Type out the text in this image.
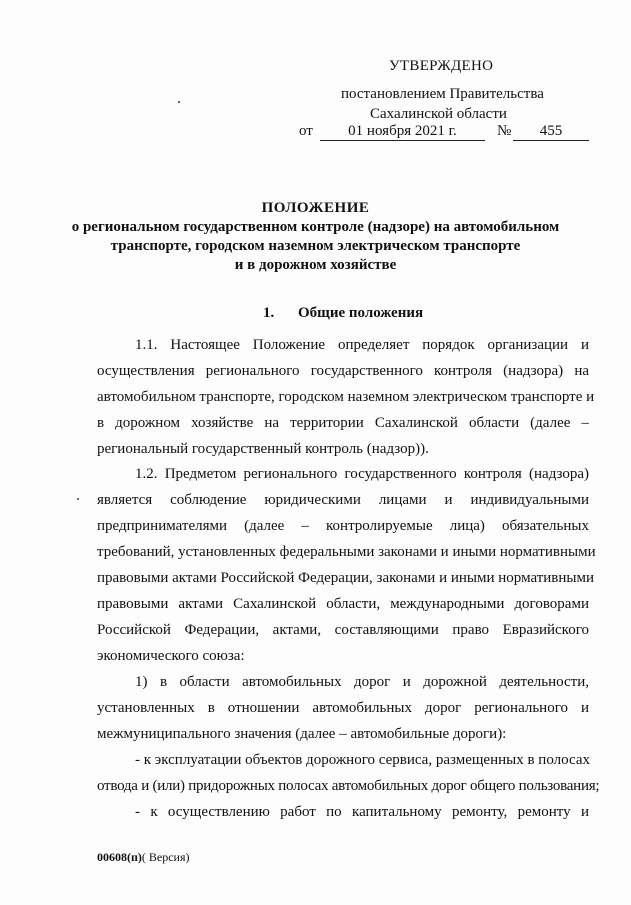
УТВЕРЖДЕНО
постановлением Правительства
Сахалинской области
от	01 ноября 2021 г.	№	455
ПОЛОЖЕНИЕ
о региональном государственном контроле (надзоре) на автомобильном
транспорте, городском наземном электрическом транспорте
и в дорожном хозяйстве
1. Общие положения
1.1. Настоящее Положение определяет порядок организации и
осуществления регионального государственного контроля (надзора) на
автомобильном транспорте, городском наземном электрическом транспорте и
в дорожном хозяйстве на территории Сахалинской области (далее –
региональный государственный контроль (надзор)).
1.2. Предметом регионального государственного контроля (надзора)
является соблюдение юридическими лицами и индивидуальными
предпринимателями (далее – контролируемые лица) обязательных
требований, установленных федеральными законами и иными нормативными
правовыми актами Российской Федерации, законами и иными нормативными
правовыми актами Сахалинской области, международными договорами
Российской Федерации, актами, составляющими право Евразийского
экономического союза:
1) в области автомобильных дорог и дорожной деятельности,
установленных в отношении автомобильных дорог регионального и
межмуниципального значения (далее – автомобильные дороги):
- к эксплуатации объектов дорожного сервиса, размещенных в полосах
отвода и (или) придорожных полосах автомобильных дорог общего пользования;
- к осуществлению работ по капитальному ремонту, ремонту и
00608(п)( Версия)
